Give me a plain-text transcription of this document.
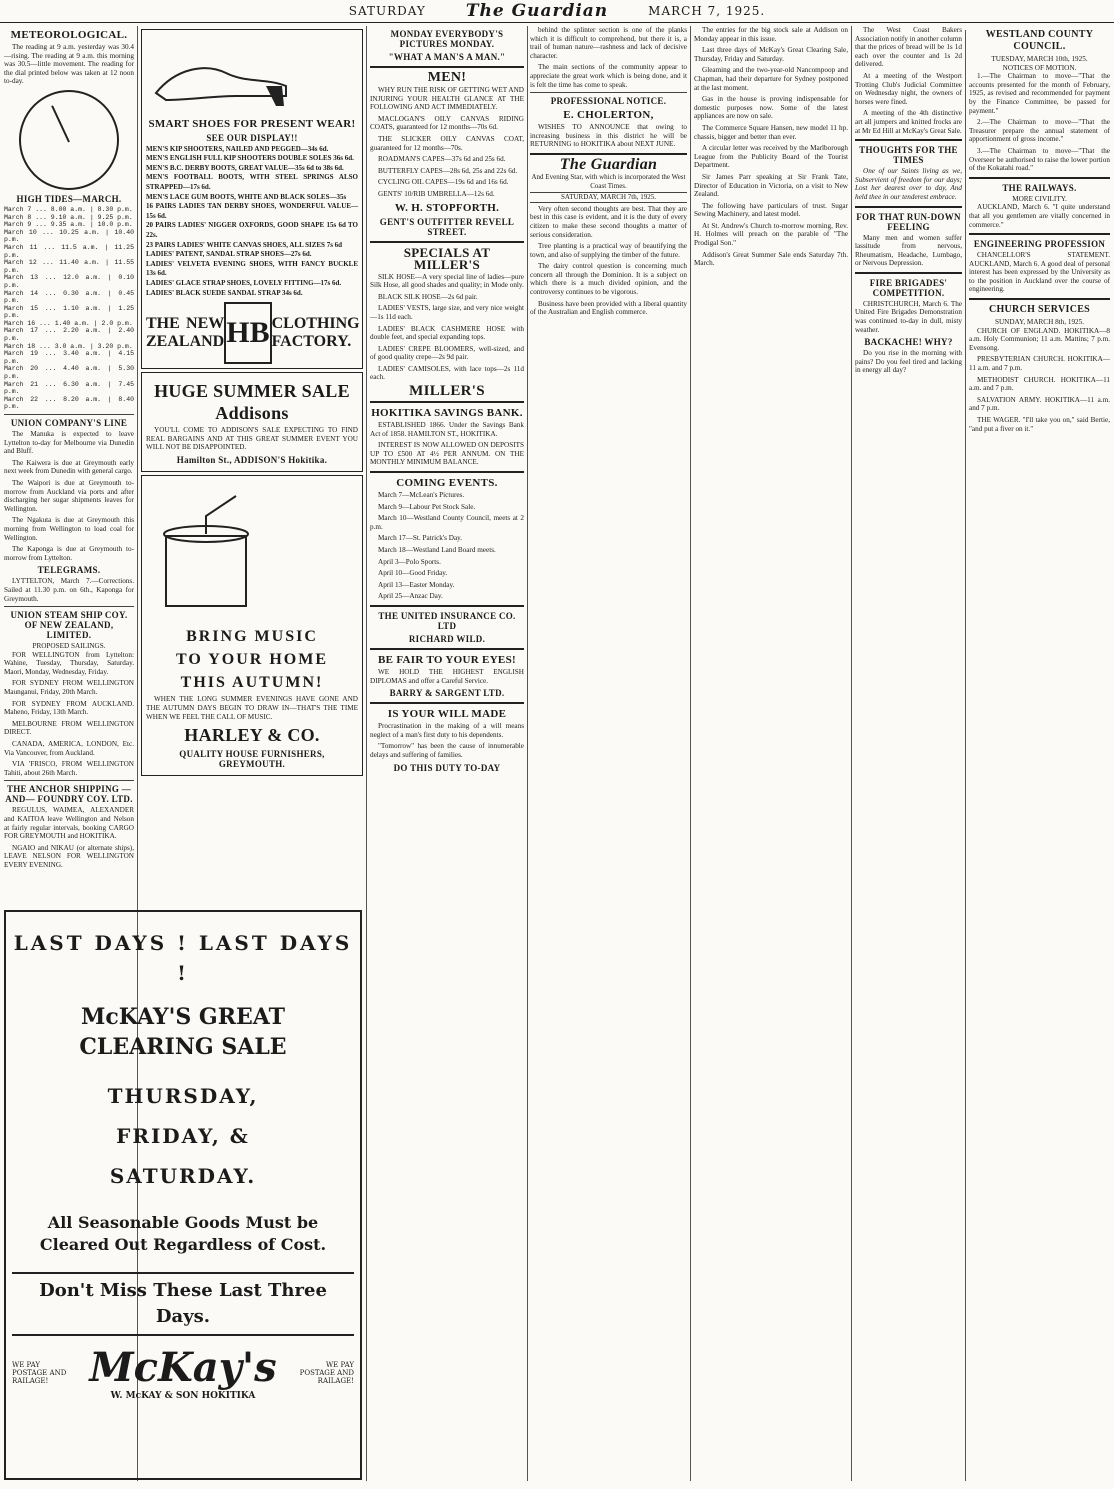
SATURDAY The Guardian	MARCH 7, 1925.
METEOROLOGICAL.

The reading at 9 a.m. yesterday was 30.4—rising. The reading at 9 a.m. this morning was 30.5—little movement. The reading for the dial printed below was taken at 12 noon to-day.

HIGH TIDES—MARCH.
March 7 ... 8.00 a.m. | 8.30 p.m.
March 8 ... 9.10 a.m. | 9.25 p.m.
March 9 ... 9.35 a.m. | 10.0 p.m.
March 10 ... 10.25 a.m. | 10.40 p.m.
March 11 ... 11.5 a.m. | 11.25 p.m.
March 12 ... 11.40 a.m. | 11.55 p.m.
March 13 ... 12.0 a.m. | 0.10 p.m.
March 14 ... 0.30 a.m. | 0.45 p.m.
March 15 ... 1.10 a.m. | 1.25 p.m.
March 16 ... 1.40 a.m. | 2.0 p.m.
March 17 ... 2.20 a.m. | 2.40 p.m.
March 18 ... 3.0 a.m. | 3.20 p.m.
March 19 ... 3.40 a.m. | 4.15 p.m.
March 20 ... 4.40 a.m. | 5.30 p.m.
March 21 ... 6.30 a.m. | 7.45 p.m.
March 22 ... 8.20 a.m. | 8.40 p.m.
UNION COMPANY'S LINE

The Manuka is expected to leave Lyttelton to-day for Melbourne via Dunedin and Bluff.

The Kaiwera is due at Greymouth early next week from Dunedin with general cargo.

The Waipori is due at Greymouth to-morrow from Auckland via ports and after discharging her sugar shipments leaves for Wellington.

The Ngakuta is due at Greymouth this morning from Wellington to load coal for Wellington.

The Kaponga is due at Greymouth to-morrow from Lyttelton.

TELEGRAMS.

LYTTELTON, March 7.—Corrections. Sailed at 11.30 p.m. on 6th., Kaponga for Greymouth.

UNION STEAM SHIP COY. OF NEW ZEALAND, LIMITED.
PROPOSED SAILINGS.

FOR WELLINGTON from Lyttelton: Wahine, Tuesday, Thursday, Saturday. Maori, Monday, Wednesday, Friday.

FOR SYDNEY FROM WELLINGTON Maunganui, Friday, 20th March.

FOR SYDNEY FROM AUCKLAND. Maheno, Friday, 13th March.

MELBOURNE FROM WELLINGTON DIRECT.

CANADA, AMERICA, LONDON, Etc. Via Vancouver, from Auckland.

VIA 'FRISCO, FROM WELLINGTON Tahiti, about 26th March.

THE ANCHOR SHIPPING —AND— FOUNDRY COY. LTD.

REGULUS, WAIMEA, ALEXANDER and KAITOA leave Wellington and Nelson at fairly regular intervals, booking CARGO FOR GREYMOUTH and HOKITIKA.

NGAIO and NIKAU (or alternate ships), LEAVE NELSON FOR WELLINGTON EVERY EVENING.

SMART SHOES FOR PRESENT WEAR!
SEE OUR DISPLAY!!
MEN'S KIP SHOOTERS, NAILED AND PEGGED—34s 6d.
MEN'S ENGLISH FULL KIP SHOOTERS DOUBLE SOLES 36s 6d.
MEN'S B.C. DERBY BOOTS, GREAT VALUE—35s 6d to 38s 6d.
MEN'S FOOTBALL BOOTS, WITH STEEL SPRINGS ALSO STRAPPED—17s 6d.
MEN'S LACE GUM BOOTS, WHITE AND BLACK SOLES—35s
16 PAIRS LADIES TAN DERBY SHOES, WONDERFUL VALUE—15s 6d.
20 PAIRS LADIES' NIGGER OXFORDS, GOOD SHAPE 15s 6d TO 22s.
23 PAIRS LADIES' WHITE CANVAS SHOES, ALL SIZES 7s 6d
LADIES' PATENT, SANDAL STRAP SHOES—27s 6d.
LADIES' VELVETA EVENING SHOES, WITH FANCY BUCKLE 13s 6d.
LADIES' GLACE STRAP SHOES, LOVELY FITTING—17s 6d.
LADIES' BLACK SUEDE SANDAL STRAP 34s 6d.
THE NEW ZEALAND HB CLOTHING FACTORY.
HUGE SUMMER SALE Addisons

YOU'LL COME TO ADDISON'S SALE EXPECTING TO FIND REAL BARGAINS AND AT THIS GREAT SUMMER EVENT YOU WILL NOT BE DISAPPOINTED.

Hamilton St., ADDISON'S Hokitika.
BRING MUSIC
TO YOUR HOME
THIS AUTUMN!

WHEN THE LONG SUMMER EVENINGS HAVE GONE AND THE AUTUMN DAYS BEGIN TO DRAW IN—THAT'S THE TIME WHEN WE FEEL THE CALL OF MUSIC.

HARLEY & CO.
QUALITY HOUSE FURNISHERS, GREYMOUTH.
MONDAY EVERYBODY'S PICTURES MONDAY.
"WHAT A MAN'S A MAN."
MEN!

WHY RUN THE RISK OF GETTING WET AND INJURING YOUR HEALTH GLANCE AT THE FOLLOWING AND ACT IMMEDIATELY.

MACLOGAN'S OILY CANVAS RIDING COATS, guaranteed for 12 months—70s 6d.

THE SLICKER OILY CANVAS COAT, guaranteed for 12 months—70s.

ROADMAN'S CAPES—37s 6d and 25s 6d.

BUTTERFLY CAPES—28s 6d, 25s and 22s 6d.

CYCLING OIL CAPES—19s 6d and 16s 6d.

GENTS' 10/RIB UMBRELLA—12s 6d.

W. H. STOPFORTH.
GENT'S OUTFITTER REVELL STREET.
SPECIALS AT MILLER'S

SILK HOSE—A very special line of ladies—pure Silk Hose, all good shades and quality; in Mode only.

BLACK SILK HOSE—2s 6d pair.

LADIES' VESTS, large size, and very nice weight—1s 11d each.

LADIES' BLACK CASHMERE HOSE with double feet, and special expanding tops.

LADIES' CREPE BLOOMERS, well-sized, and of good quality crepe—2s 9d pair.

LADIES' CAMISOLES, with lace tops—2s 11d each.

MILLER'S
HOKITIKA SAVINGS BANK.

ESTABLISHED 1866. Under the Savings Bank Act of 1858. HAMILTON ST., HOKITIKA.

INTEREST IS NOW ALLOWED ON DEPOSITS UP TO £500 AT 4½ PER ANNUM. ON THE MONTHLY MINIMUM BALANCE.

COMING EVENTS.

March 7—McLean's Pictures.

March 9—Labour Pet Stock Sale.

March 10—Westland County Council, meets at 2 p.m.

March 17—St. Patrick's Day.

March 18—Westland Land Board meets.

April 3—Polo Sports.

April 10—Good Friday.

April 13—Easter Monday.

April 25—Anzac Day.

THE UNITED INSURANCE CO. LTD
RICHARD WILD.
BE FAIR TO YOUR EYES!

WE HOLD THE HIGHEST ENGLISH DIPLOMAS and offer a Careful Service.

BARRY & SARGENT LTD.
IS YOUR WILL MADE

Procrastination in the making of a will means neglect of a man's first duty to his dependents.

"Tomorrow" has been the cause of innumerable delays and suffering of families.

DO THIS DUTY TO-DAY

behind the splinter section is one of the planks which it is difficult to comprehend, but there it is, a trail of human nature—rashness and lack of decisive character.

The main sections of the community appear to appreciate the great work which is being done, and it is felt the time has come to speak.

PROFESSIONAL NOTICE.
E. CHOLERTON,

WISHES TO ANNOUNCE that owing to increasing business in this district he will be RETURNING to HOKITIKA about NEXT JUNE.

The Guardian
And Evening Star, with which is incorporated the West Coast Times.
SATURDAY, MARCH 7th, 1925.

Very often second thoughts are best. That they are best in this case is evident, and it is the duty of every citizen to make these second thoughts a matter of serious consideration.

Tree planting is a practical way of beautifying the town, and also of supplying the timber of the future.

The dairy control question is concerning much concern all through the Dominion. It is a subject on which there is a much divided opinion, and the controversy continues to be vigorous.

Business have been provided with a liberal quantity of the Australian and English commerce.

The entries for the big stock sale at Addison on Monday appear in this issue.

Last three days of McKay's Great Clearing Sale, Thursday, Friday and Saturday.

Gleaming and the two-year-old Nancompoop and Chapman, had their departure for Sydney postponed at the last moment.

Gas in the house is proving indispensable for domestic purposes now. Some of the latest appliances are now on sale.

The Commerce Square Hansen, new model 11 hp. chassis, bigger and better than ever.

A circular letter was received by the Marlborough League from the Publicity Board of the Tourist Department.

Sir James Parr speaking at Sir Frank Tate, Director of Education in Victoria, on a visit to New Zealand.

The following have particulars of trust. Sugar Sewing Machinery, and latest model.

At St. Andrew's Church to-morrow morning, Rev. H. Holmes will preach on the parable of "The Prodigal Son."

Addison's Great Summer Sale ends Saturday 7th. March.

The West Coast Bakers Association notify in another column that the prices of bread will be 1s 1d each over the counter and 1s 2d delivered.

At a meeting of the Westport Trotting Club's Judicial Committee on Wednesday night, the owners of horses were fined.

A meeting of the 4th distinctive art all jumpers and knitted frocks are at Mr Ed Hill at McKay's Great Sale.

THOUGHTS FOR THE TIMES

One of our Saints living as we, Subservient of freedom for our days; Lost her dearest over to day, And held thee in our tenderest embrace.

FOR THAT RUN-DOWN FEELING

Many men and women suffer lassitude from nervous, Rheumatism, Headache, Lumbago, or Nervous Depression.

FIRE BRIGADES' COMPETITION.

CHRISTCHURCH, March 6. The United Fire Brigades Demonstration was continued to-day in dull, misty weather.

BACKACHE! WHY?

Do you rise in the morning with pains? Do you feel tired and lacking in energy all day?

WESTLAND COUNTY COUNCIL.
TUESDAY, MARCH 10th, 1925.
NOTICES OF MOTION.

1.—The Chairman to move—"That the accounts presented for the month of February, 1925, as revised and recommended for payment by the Finance Committee, be passed for payment."

2.—The Chairman to move—"That the Treasurer prepare the annual statement of apportionment of gross income."

3.—The Chairman to move—"That the Overseer be authorised to raise the lower portion of the Kokatahi road."

THE RAILWAYS.
MORE CIVILITY.

AUCKLAND, March 6. "I quite understand that all you gentlemen are vitally concerned in commerce."

ENGINEERING PROFESSION

CHANCELLOR'S STATEMENT. AUCKLAND, March 6. A good deal of personal interest has been expressed by the University as to the position in Auckland over the course of engineering.

CHURCH SERVICES
SUNDAY, MARCH 8th, 1925.

CHURCH OF ENGLAND. HOKITIKA—8 a.m. Holy Communion; 11 a.m. Mattins; 7 p.m. Evensong.

PRESBYTERIAN CHURCH. HOKITIKA—11 a.m. and 7 p.m.

METHODIST CHURCH. HOKITIKA—11 a.m. and 7 p.m.

SALVATION ARMY. HOKITIKA—11 a.m. and 7 p.m.

THE WAGER. "I'll take you on," said Bertie, "and put a fiver on it."

LAST DAYS ! LAST DAYS !
McKAY'S GREAT CLEARING SALE
THURSDAY,
FRIDAY, &
SATURDAY.
All Seasonable Goods Must be Cleared Out Regardless of Cost.
Don't Miss These Last Three Days.
WE PAY POSTAGE AND RAILAGE!	McKay's
W. McKAY & SON HOKITIKA
WE PAY POSTAGE AND RAILAGE!
